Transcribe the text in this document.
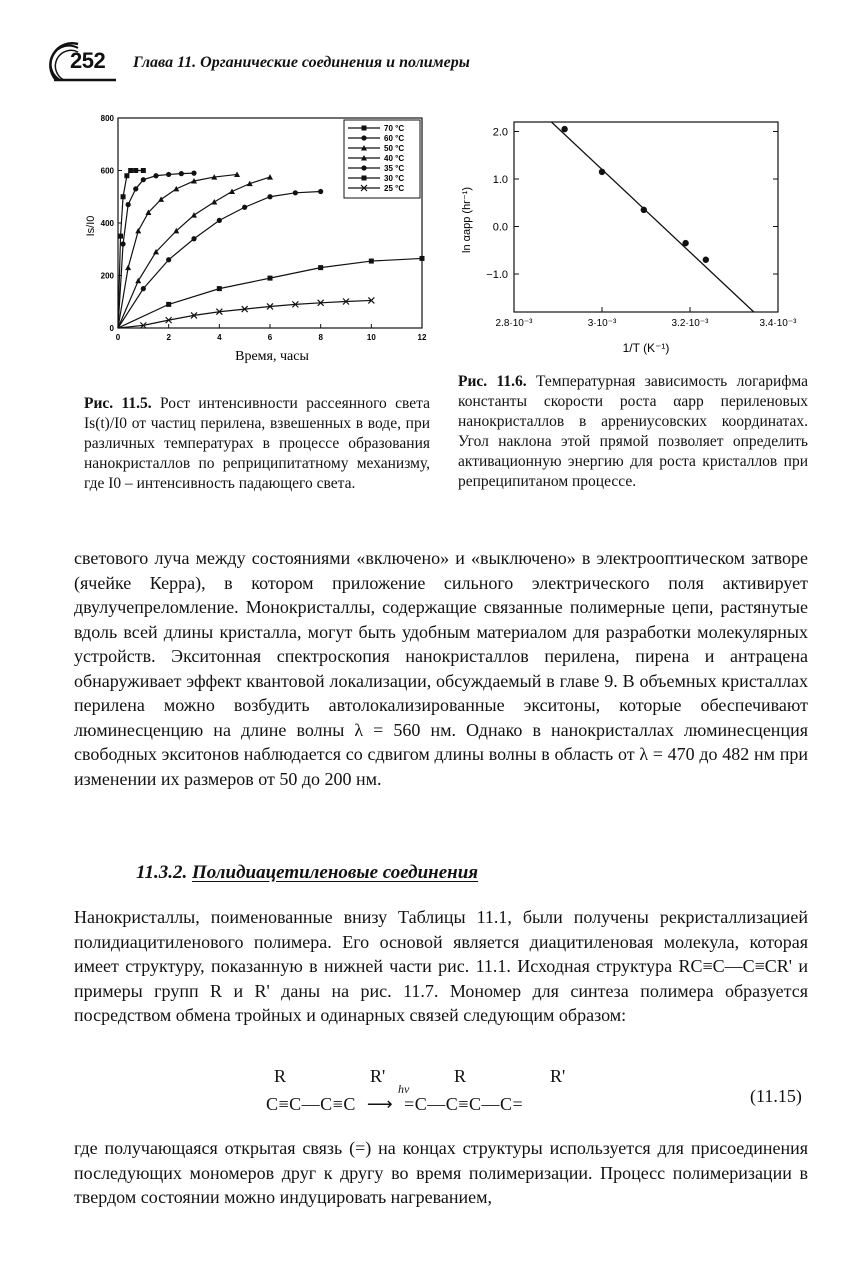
252 Глава 11. Органические соединения и полимеры
0	2	4	6	8	10	12
0
200
400
600
800
70 °C
60 °C
50 °C
40 °C
35 °C
30 °C
25 °C
Is/I0
Время, часы
2.8·10⁻³	3·10⁻³	3.2·10⁻³	3.4·10⁻³
2.0
1.0
0.0
−1.0
ln αapp (hr⁻¹)
1/T (K⁻¹)
Рис. 11.5. Рост интенсивности рассеянного света Is(t)/I0 от частиц перилена, взвешенных в воде, при различных температурах в процессе образования нанокристаллов по реприципитатному механизму, где I0 – интенсивность падающего света.
Рис. 11.6. Температурная зависимость логарифма константы скорости роста αapp периленовых нанокристаллов в аррениусовских координатах. Угол наклона этой прямой позволяет определить активационную энергию для роста кристаллов при репреципитаном процессе.
светового луча между состояниями «включено» и «выключено» в электрооптическом затворе (ячейке Керра), в котором приложение сильного электрического поля активирует двулучепреломление. Монокристаллы, содержащие связанные полимерные цепи, растянутые вдоль всей длины кристалла, могут быть удобным материалом для разработки молекулярных устройств. Экситонная спектроскопия нанокристаллов перилена, пирена и антрацена обнаруживает эффект квантовой локализации, обсуждаемый в главе 9. В объемных кристаллах перилена можно возбудить автолокализированные экситоны, которые обеспечивают люминесценцию на длине волны λ = 560 нм. Однако в нанокристаллах люминесценция свободных экситонов наблюдается со сдвигом длины волны в область от λ = 470 до 482 нм при изменении их размеров от 50 до 200 нм.
11.3.2. Полидиацетиленовые соединения
Нанокристаллы, поименованные внизу Таблицы 11.1, были получены рекристаллизацией полидиацитиленового полимера. Его основой является диацитиленовая молекула, которая имеет структуру, показанную в нижней части рис. 11.1. Исходная структура RC≡C—C≡CR' и примеры групп R и R' даны на рис. 11.7. Мономер для синтеза полимера образуется посредством обмена тройных и одинарных связей следующим образом:
R	R'	R	R'
hν
C≡C—C≡C ⟶ =C—C≡C—C=	(11.15)
где получающаяся открытая связь (=) на концах структуры используется для присоединения последующих мономеров друг к другу во время полимеризации. Процесс полимеризации в твердом состоянии можно индуцировать нагреванием,
